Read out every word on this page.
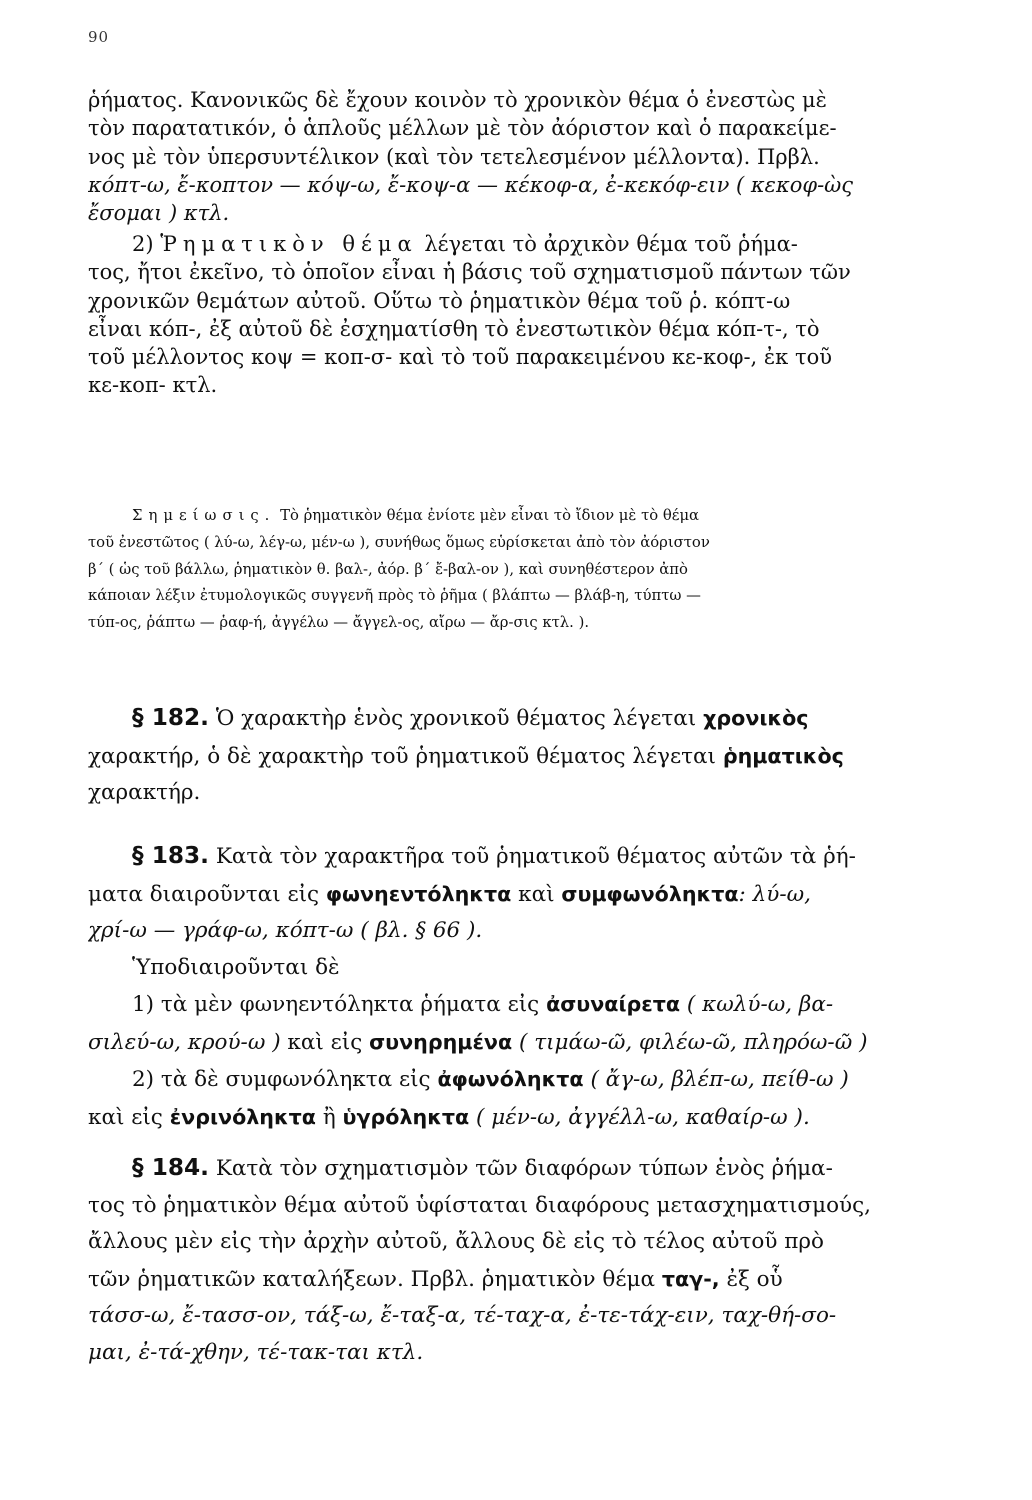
90
ῥήματος. Κανονικῶς δὲ ἔχουν κοινὸν τὸ χρονικὸν θέμα ὁ ἐνεστὼς μὲ
τὸν παρατατικόν, ὁ ἁπλοῦς μέλλων μὲ τὸν ἀόριστον καὶ ὁ παρακείμε-
νος μὲ τὸν ὑπερσυντέλικον (καὶ τὸν τετελεσμένον μέλλοντα). Πρβλ.
κόπτ-ω, ἔ-κοπτον — κόψ-ω, ἔ-κοψ-α — κέκοφ-α, ἐ-κεκόφ-ειν ( κεκοφ-ὼς
ἔσομαι ) κτλ.
2) Ῥηματικὸν θέμα λέγεται τὸ ἀρχικὸν θέμα τοῦ ῥήμα-
τος, ἤτοι ἐκεῖνο, τὸ ὁποῖον εἶναι ἡ βάσις τοῦ σχηματισμοῦ πάντων τῶν
χρονικῶν θεμάτων αὐτοῦ. Οὕτω τὸ ῥηματικὸν θέμα τοῦ ῥ. κόπτ-ω
εἶναι κόπ-, ἐξ αὐτοῦ δὲ ἐσχηματίσθη τὸ ἐνεστωτικὸν θέμα κόπ-τ-, τὸ
τοῦ μέλλοντος κοψ = κοπ-σ- καὶ τὸ τοῦ παρακειμένου κε-κοφ-, ἐκ τοῦ
κε-κοπ- κτλ.
Σημείωσις. Τὸ ῥηματικὸν θέμα ἐνίοτε μὲν εἶναι τὸ ἴδιον μὲ τὸ θέμα
τοῦ ἐνεστῶτος ( λύ-ω, λέγ-ω, μέν-ω ), συνήθως ὅμως εὑρίσκεται ἀπὸ τὸν ἀόριστον
β΄ ( ὡς τοῦ βάλλω, ῥηματικὸν θ. βαλ-, ἀόρ. β΄ ἔ-βαλ-ον ), καὶ συνηθέστερον ἀπὸ
κάποιαν λέξιν ἐτυμολογικῶς συγγενῆ πρὸς τὸ ῥῆμα ( βλάπτω — βλάβ-η, τύπτω —
τύπ-ος, ῥάπτω — ῥαφ-ή, ἀγγέλω — ἄγγελ-ος, αἴρω — ἄρ-σις κτλ. ).
§ 182. Ὁ χαρακτὴρ ἑνὸς χρονικοῦ θέματος λέγεται χρονικὸς
χαρακτήρ, ὁ δὲ χαρακτὴρ τοῦ ῥηματικοῦ θέματος λέγεται ῥηματικὸς
χαρακτήρ.
§ 183. Κατὰ τὸν χαρακτῆρα τοῦ ῥηματικοῦ θέματος αὐτῶν τὰ ῥή-
ματα διαιροῦνται εἰς φωνηεντόληκτα καὶ συμφωνόληκτα: λύ-ω,
χρί-ω — γράφ-ω, κόπτ-ω ( βλ. § 66 ).
Ὑποδιαιροῦνται δὲ
1) τὰ μὲν φωνηεντόληκτα ῥήματα εἰς ἀσυναίρετα ( κωλύ-ω, βα-
σιλεύ-ω, κρού-ω ) καὶ εἰς συνηρημένα ( τιμάω-ῶ, φιλέω-ῶ, πληρόω-ῶ )
2) τὰ δὲ συμφωνόληκτα εἰς ἀφωνόληκτα ( ἄγ-ω, βλέπ-ω, πείθ-ω )
καὶ εἰς ἐνρινόληκτα ἢ ὑγρόληκτα ( μέν-ω, ἀγγέλλ-ω, καθαίρ-ω ).
§ 184. Κατὰ τὸν σχηματισμὸν τῶν διαφόρων τύπων ἑνὸς ῥήμα-
τος τὸ ῥηματικὸν θέμα αὐτοῦ ὑφίσταται διαφόρους μετασχηματισμούς,
ἄλλους μὲν εἰς τὴν ἀρχὴν αὐτοῦ, ἄλλους δὲ εἰς τὸ τέλος αὐτοῦ πρὸ
τῶν ῥηματικῶν καταλήξεων. Πρβλ. ῥηματικὸν θέμα ταγ-, ἐξ οὗ
τάσσ-ω, ἔ-τασσ-ον, τάξ-ω, ἔ-ταξ-α, τέ-ταχ-α, ἐ-τε-τάχ-ειν, ταχ-θή-σο-
μαι, ἐ-τά-χθην, τέ-τακ-ται κτλ.
